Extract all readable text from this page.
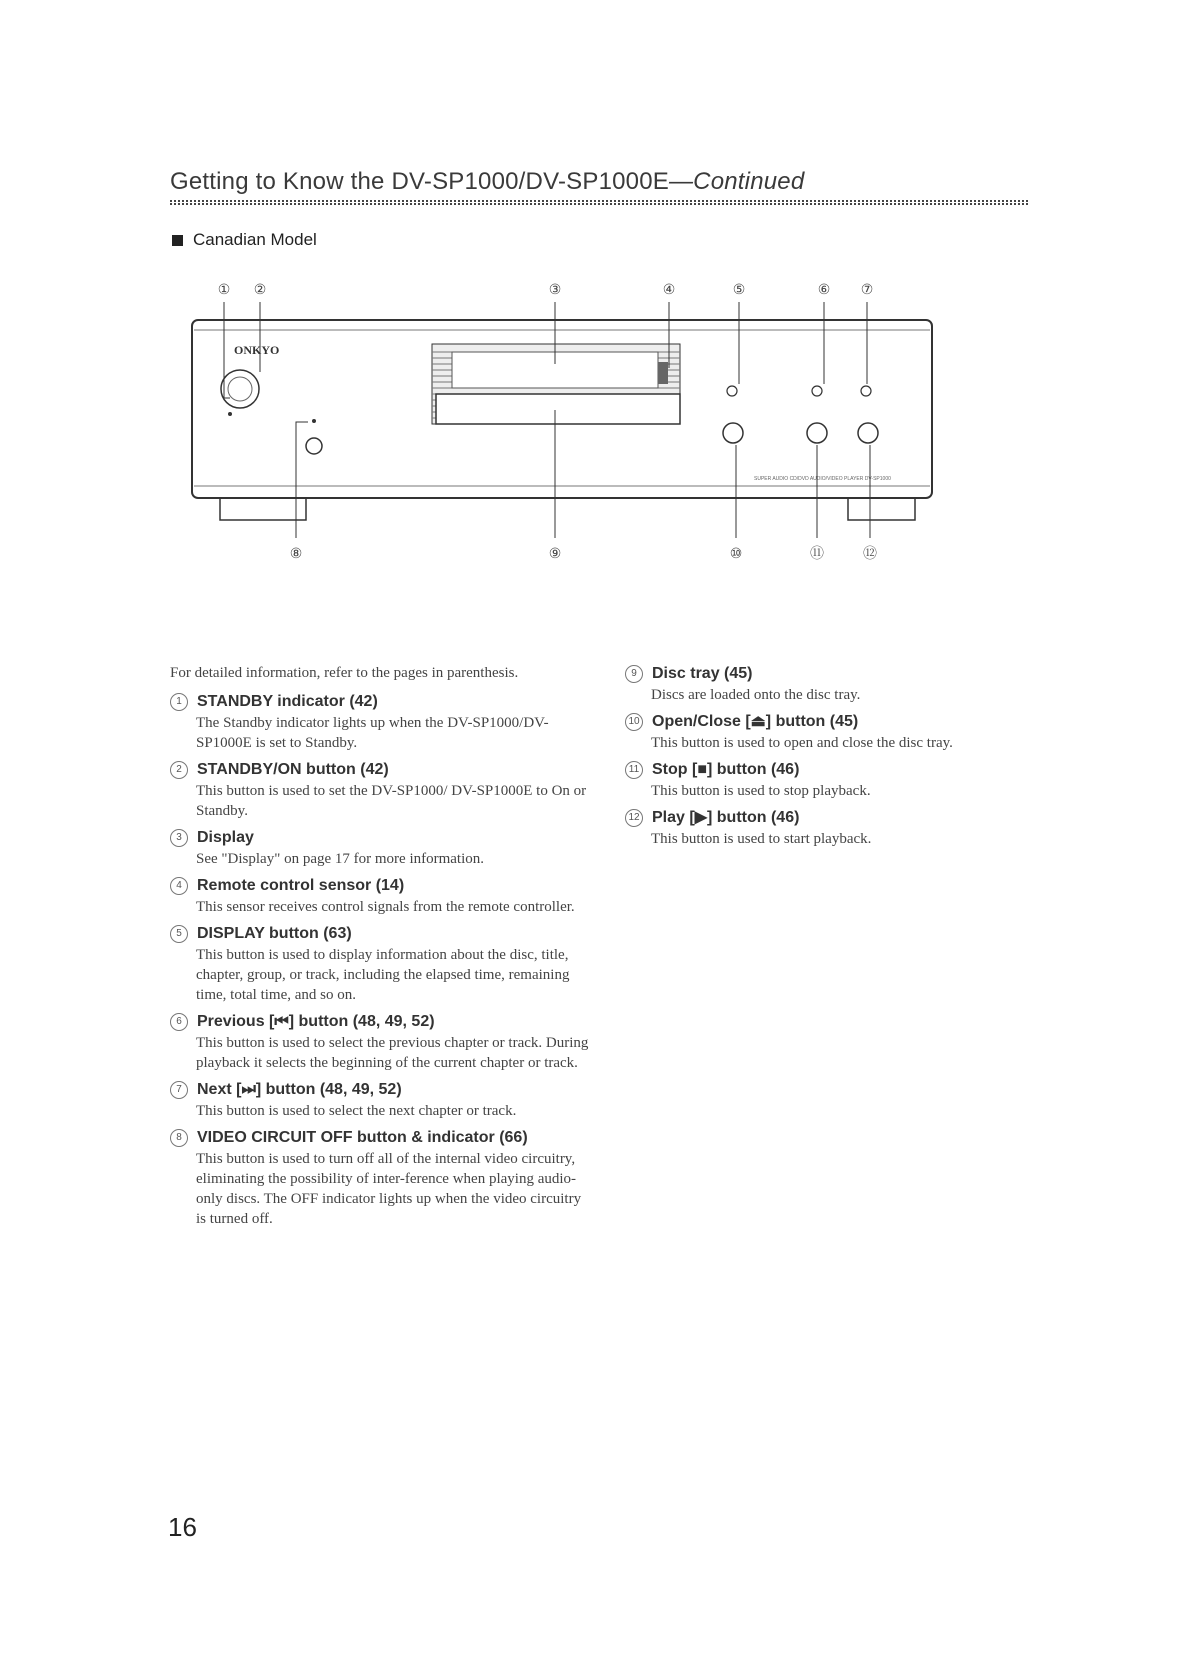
Getting to Know the DV-SP1000/DV-SP1000E—Continued
Canadian Model
① ②	③	④	⑤	⑥ ⑦
ONKYO
SUPER AUDIO CD/DVD AUDIO/VIDEO PLAYER DV-SP1000
⑧	⑨	⑩	⑪	⑫

For detailed information, refer to the pages in parenthesis.

1 STANDBY indicator (42)
The Standby indicator lights up when the DV-SP1000/DV-SP1000E is set to Standby.
2 STANDBY/ON button (42)
This button is used to set the DV-SP1000/ DV-SP1000E to On or Standby.
3 Display
See "Display" on page 17 for more information.
4 Remote control sensor (14)
This sensor receives control signals from the remote controller.
5 DISPLAY button (63)
This button is used to display information about the disc, title, chapter, group, or track, including the elapsed time, remaining time, total time, and so on.
6 Previous [⏮] button (48, 49, 52)
This button is used to select the previous chapter or track. During playback it selects the beginning of the current chapter or track.
7 Next [⏭] button (48, 49, 52)
This button is used to select the next chapter or track.
8 VIDEO CIRCUIT OFF button & indicator (66)
This button is used to turn off all of the internal video circuitry, eliminating the possibility of inter-ference when playing audio-only discs. The OFF indicator lights up when the video circuitry is turned off.
9 Disc tray (45)
Discs are loaded onto the disc tray.
10 Open/Close [⏏] button (45)
This button is used to open and close the disc tray.
11 Stop [■] button (46)
This button is used to stop playback.
12 Play [▶] button (46)
This button is used to start playback.
16
